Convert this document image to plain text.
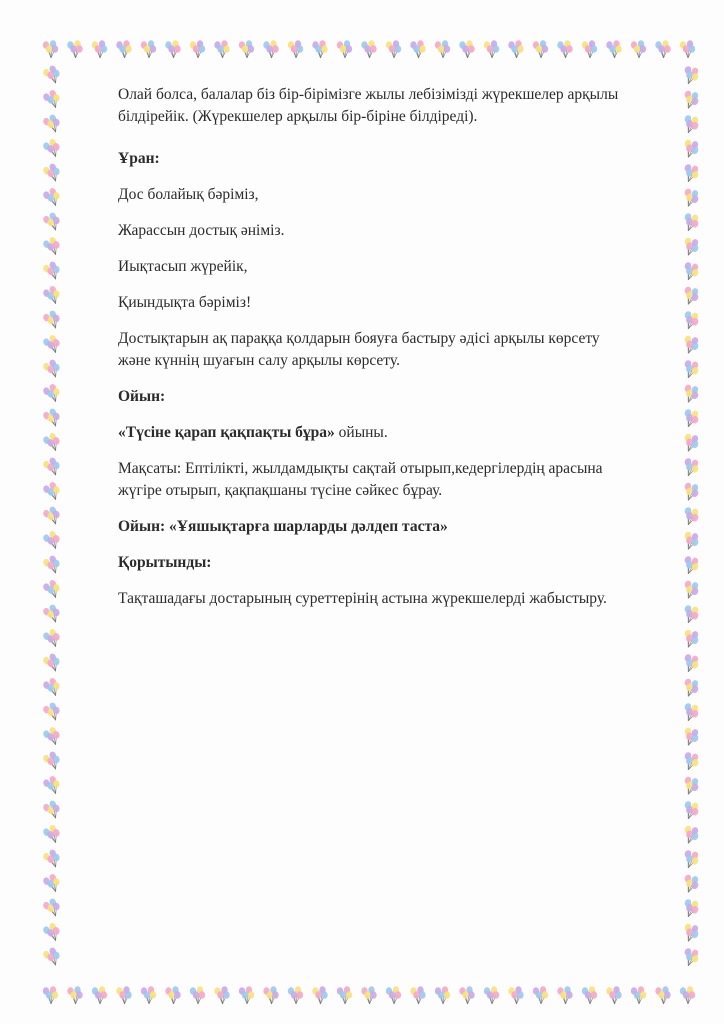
Олай болса, балалар біз бір-бірімізге жылы лебізімізді жүрекшелер арқылы
білдірейік. (Жүрекшелер арқылы бір-біріне білдіреді).

Ұран:

Дос болайық бәріміз,

Жарассын достық әніміз.

Иықтасып жүрейік,

Қиындықта бәріміз!

Достықтарын ақ параққа қолдарын бояуға бастыру әдісі арқылы көрсету
және күннің шуағын салу арқылы көрсету.

Ойын:

«Түсіне қарап қақпақты бұра» ойыны.

Мақсаты: Ептілікті, жылдамдықты сақтай отырып,кедергілердің арасына
жүгіре отырып, қақпақшаны түсіне сәйкес бұрау.

Ойын: «Ұяшықтарға шарларды дәлдеп таста»

Қорытынды:

Тақташадағы достарының суреттерінің астына жүрекшелерді жабыстыру.
